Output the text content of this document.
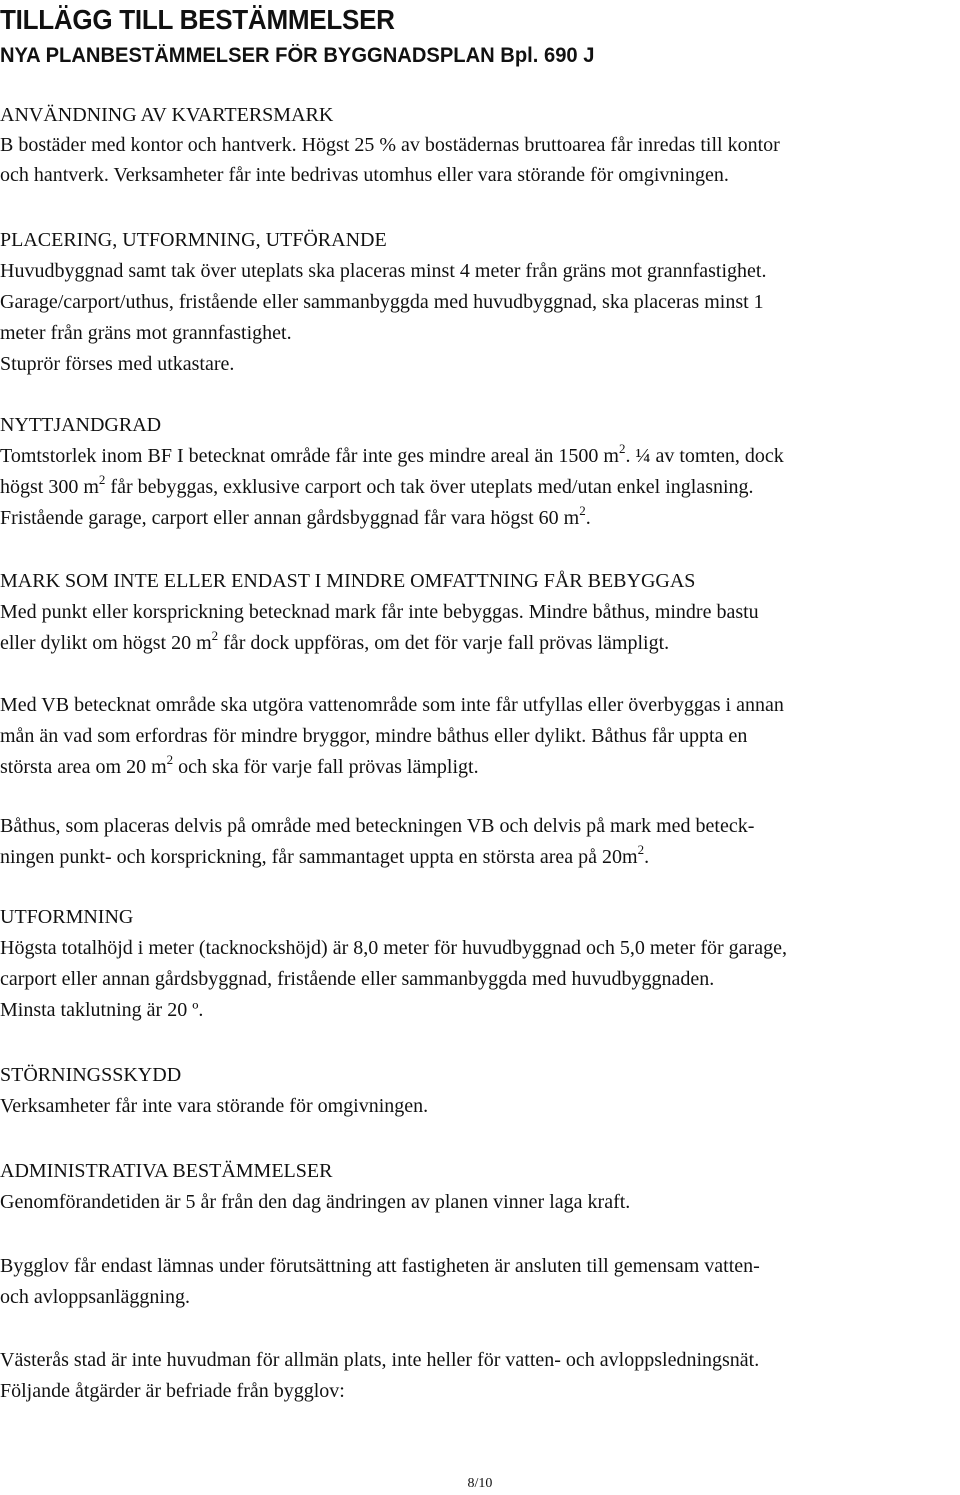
TILLÄGG TILL BESTÄMMELSER
NYA PLANBESTÄMMELSER FÖR BYGGNADSPLAN Bpl. 690 J

ANVÄNDNING AV KVARTERSMARK

B bostäder med kontor och hantverk. Högst 25 % av bostädernas bruttoarea får inredas till kontor

och hantverk. Verksamheter får inte bedrivas utomhus eller vara störande för omgivningen.

PLACERING, UTFORMNING, UTFÖRANDE

Huvudbyggnad samt tak över uteplats ska placeras minst 4 meter från gräns mot grannfastighet.

Garage/carport/uthus, fristående eller sammanbyggda med huvudbyggnad, ska placeras minst 1

meter från gräns mot grannfastighet.

Stuprör förses med utkastare.

NYTTJANDGRAD

Tomtstorlek inom BF I betecknat område får inte ges mindre areal än 1500 $m^2$. ¼ av tomten, dock

högst 300 $m^2$ får bebyggas, exklusive carport och tak över uteplats med/utan enkel inglasning.

Fristående garage, carport eller annan gårdsbyggnad får vara högst 60 $m^2$.

MARK SOM INTE ELLER ENDAST I MINDRE OMFATTNING FÅR BEBYGGAS

Med punkt eller korsprickning betecknad mark får inte bebyggas. Mindre båthus, mindre bastu

eller dylikt om högst 20 $m^2$ får dock uppföras, om det för varje fall prövas lämpligt.

Med VB betecknat område ska utgöra vattenområde som inte får utfyllas eller överbyggas i annan

mån än vad som erfordras för mindre bryggor, mindre båthus eller dylikt. Båthus får uppta en

största area om 20 $m^2$ och ska för varje fall prövas lämpligt.

Båthus, som placeras delvis på område med beteckningen VB och delvis på mark med beteck-

ningen punkt- och korsprickning, får sammantaget uppta en största area på $20m^2$.

UTFORMNING

Högsta totalhöjd i meter (tacknockshöjd) är 8,0 meter för huvudbyggnad och 5,0 meter för garage,

carport eller annan gårdsbyggnad, fristående eller sammanbyggda med huvudbyggnaden.

Minsta taklutning är 20 º.

STÖRNINGSSKYDD

Verksamheter får inte vara störande för omgivningen.

ADMINISTRATIVA BESTÄMMELSER

Genomförandetiden är 5 år från den dag ändringen av planen vinner laga kraft.

Bygglov får endast lämnas under förutsättning att fastigheten är ansluten till gemensam vatten-

och avloppsanläggning.

Västerås stad är inte huvudman för allmän plats, inte heller för vatten- och avloppsledningsnät.

Följande åtgärder är befriade från bygglov:

8/10
